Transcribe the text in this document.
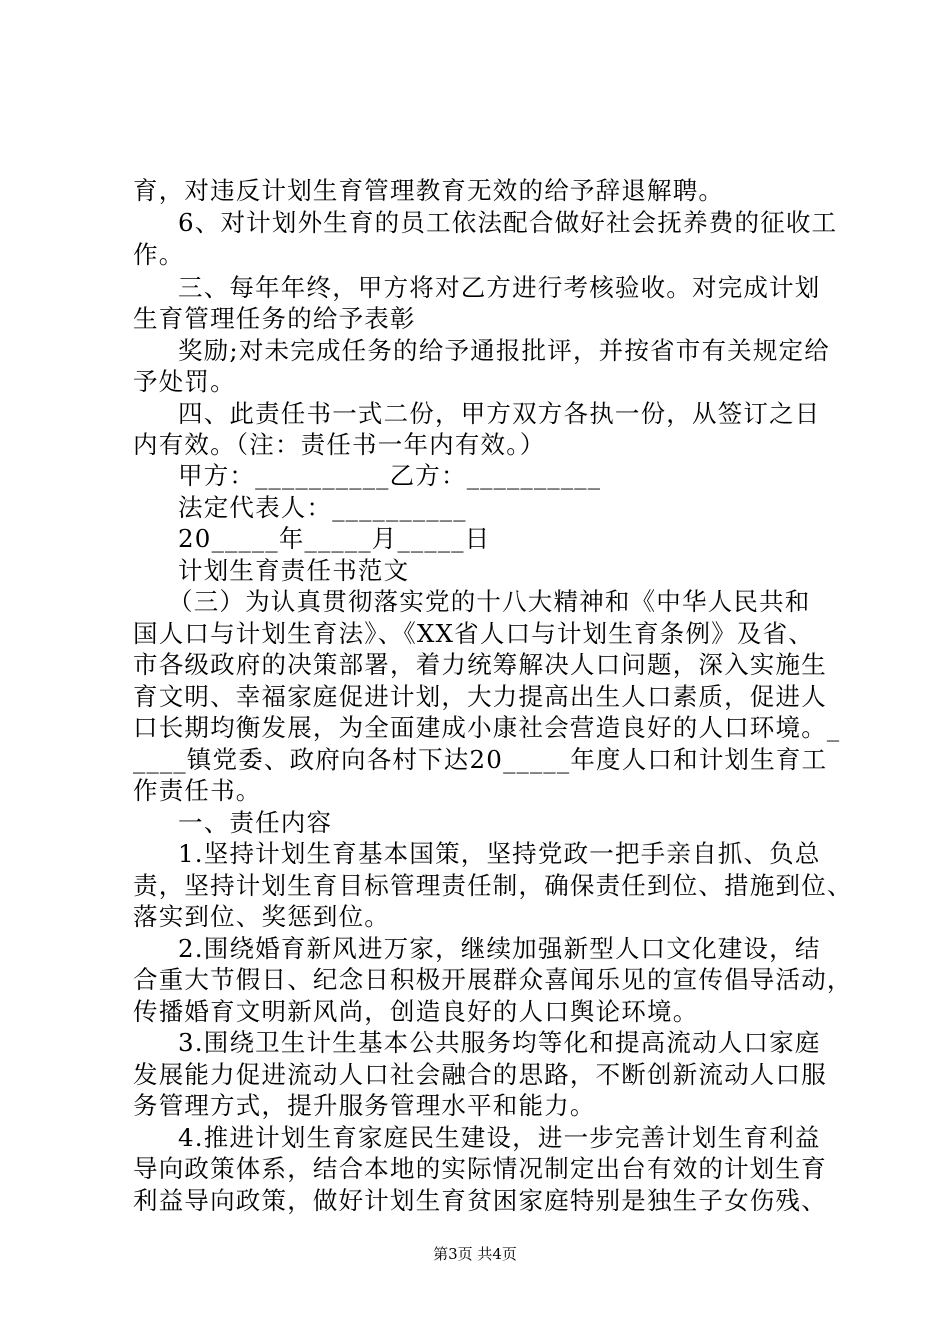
育，对违反计划生育管理教育无效的给予辞退解聘。
6、对计划外生育的员工依法配合做好社会抚养费的征收工
作。
三、每年年终，甲方将对乙方进行考核验收。对完成计划
生育管理任务的给予表彰
奖励;对未完成任务的给予通报批评，并按省市有关规定给
予处罚。
四、此责任书一式二份，甲方双方各执一份，从签订之日
内有效。（注：责任书一年内有效。）
甲方：__________乙方：__________
法定代表人：__________
20_____年_____月_____日
计划生育责任书范文
（三）为认真贯彻落实党的十八大精神和《中华人民共和
国人口与计划生育法》、《XX省人口与计划生育条例》及省、
市各级政府的决策部署，着力统筹解决人口问题，深入实施生
育文明、幸福家庭促进计划，大力提高出生人口素质，促进人
口长期均衡发展，为全面建成小康社会营造良好的人口环境。_
____镇党委、政府向各村下达20_____年度人口和计划生育工
作责任书。
一、责任内容
1.坚持计划生育基本国策，坚持党政一把手亲自抓、负总
责，坚持计划生育目标管理责任制，确保责任到位、措施到位、
落实到位、奖惩到位。
2.围绕婚育新风进万家，继续加强新型人口文化建设，结
合重大节假日、纪念日积极开展群众喜闻乐见的宣传倡导活动，
传播婚育文明新风尚，创造良好的人口舆论环境。
3.围绕卫生计生基本公共服务均等化和提高流动人口家庭
发展能力促进流动人口社会融合的思路，不断创新流动人口服
务管理方式，提升服务管理水平和能力。
4.推进计划生育家庭民生建设，进一步完善计划生育利益
导向政策体系，结合本地的实际情况制定出台有效的计划生育
利益导向政策，做好计划生育贫困家庭特别是独生子女伤残、
第3页 共4页
